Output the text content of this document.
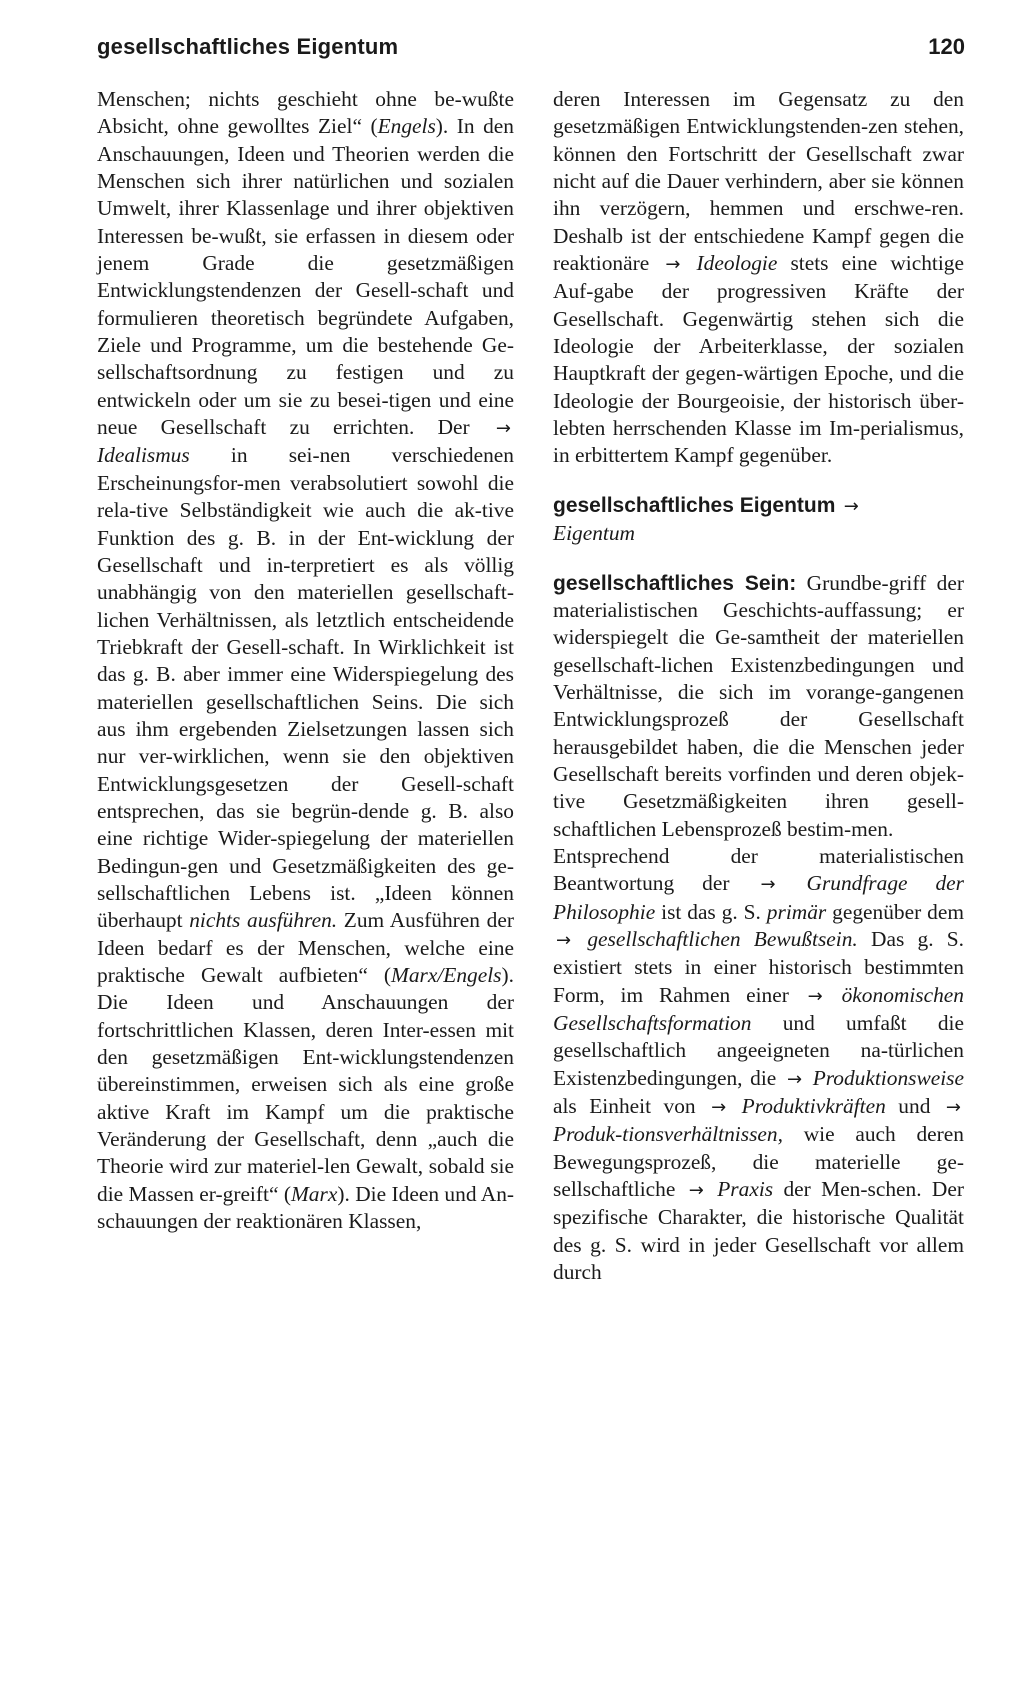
gesellschaftliches Eigentum	120

Menschen; nichts geschieht ohne be-wußte Absicht, ohne gewolltes Ziel“ (Engels). In den Anschauungen, Ideen und Theorien werden die Menschen sich ihrer natürlichen und sozialen Umwelt, ihrer Klassenlage und ihrer objektiven Interessen be-wußt, sie erfassen in diesem oder jenem Grade die gesetzmäßigen Entwicklungstendenzen der Gesell-schaft und formulieren theoretisch begründete Aufgaben, Ziele und Programme, um die bestehende Ge-sellschaftsordnung zu festigen und zu entwickeln oder um sie zu besei-tigen und eine neue Gesellschaft zu errichten. Der → Idealismus in sei-nen verschiedenen Erscheinungsfor-men verabsolutiert sowohl die rela-tive Selbständigkeit wie auch die ak-tive Funktion des g. B. in der Ent-wicklung der Gesellschaft und in-terpretiert es als völlig unabhängig von den materiellen gesellschaft-lichen Verhältnissen, als letztlich entscheidende Triebkraft der Gesell-schaft. In Wirklichkeit ist das g. B. aber immer eine Widerspiegelung des materiellen gesellschaftlichen Seins. Die sich aus ihm ergebenden Zielsetzungen lassen sich nur ver-wirklichen, wenn sie den objektiven Entwicklungsgesetzen der Gesell-schaft entsprechen, das sie begrün-dende g. B. also eine richtige Wider-spiegelung der materiellen Bedingun-gen und Gesetzmäßigkeiten des ge-sellschaftlichen Lebens ist. „Ideen können überhaupt nichts ausführen. Zum Ausführen der Ideen bedarf es der Menschen, welche eine praktische Gewalt aufbieten“ (Marx/Engels). Die Ideen und Anschauungen der fortschrittlichen Klassen, deren Inter-essen mit den gesetzmäßigen Ent-wicklungstendenzen übereinstimmen, erweisen sich als eine große aktive Kraft im Kampf um die praktische Veränderung der Gesellschaft, denn „auch die Theorie wird zur materiel-len Gewalt, sobald sie die Massen er-greift“ (Marx). Die Ideen und An-schauungen der reaktionären Klassen,

deren Interessen im Gegensatz zu den gesetzmäßigen Entwicklungstenden-zen stehen, können den Fortschritt der Gesellschaft zwar nicht auf die Dauer verhindern, aber sie können ihn verzögern, hemmen und erschwe-ren. Deshalb ist der entschiedene Kampf gegen die reaktionäre → Ideologie stets eine wichtige Auf-gabe der progressiven Kräfte der Gesellschaft. Gegenwärtig stehen sich die Ideologie der Arbeiterklasse, der sozialen Hauptkraft der gegen-wärtigen Epoche, und die Ideologie der Bourgeoisie, der historisch über-lebten herrschenden Klasse im Im-perialismus, in erbittertem Kampf gegenüber.

gesellschaftliches Eigentum →
Eigentum

gesellschaftliches Sein: Grundbe-griff der materialistischen Geschichts-auffassung; er widerspiegelt die Ge-samtheit der materiellen gesellschaft-lichen Existenzbedingungen und Verhältnisse, die sich im vorange-gangenen Entwicklungsprozeß der Gesellschaft herausgebildet haben, die die Menschen jeder Gesellschaft bereits vorfinden und deren objek-tive Gesetzmäßigkeiten ihren gesell-schaftlichen Lebensprozeß bestim-men.

Entsprechend der materialistischen Beantwortung der → Grundfrage der Philosophie ist das g. S. primär gegenüber dem → gesellschaftlichen Bewußtsein. Das g. S. existiert stets in einer historisch bestimmten Form, im Rahmen einer → ökonomischen Gesellschaftsformation und umfaßt die gesellschaftlich angeeigneten na-türlichen Existenzbedingungen, die → Produktionsweise als Einheit von → Produktivkräften und → Produk-tionsverhältnissen, wie auch deren Bewegungsprozeß, die materielle ge-sellschaftliche → Praxis der Men-schen. Der spezifische Charakter, die historische Qualität des g. S. wird in jeder Gesellschaft vor allem durch
